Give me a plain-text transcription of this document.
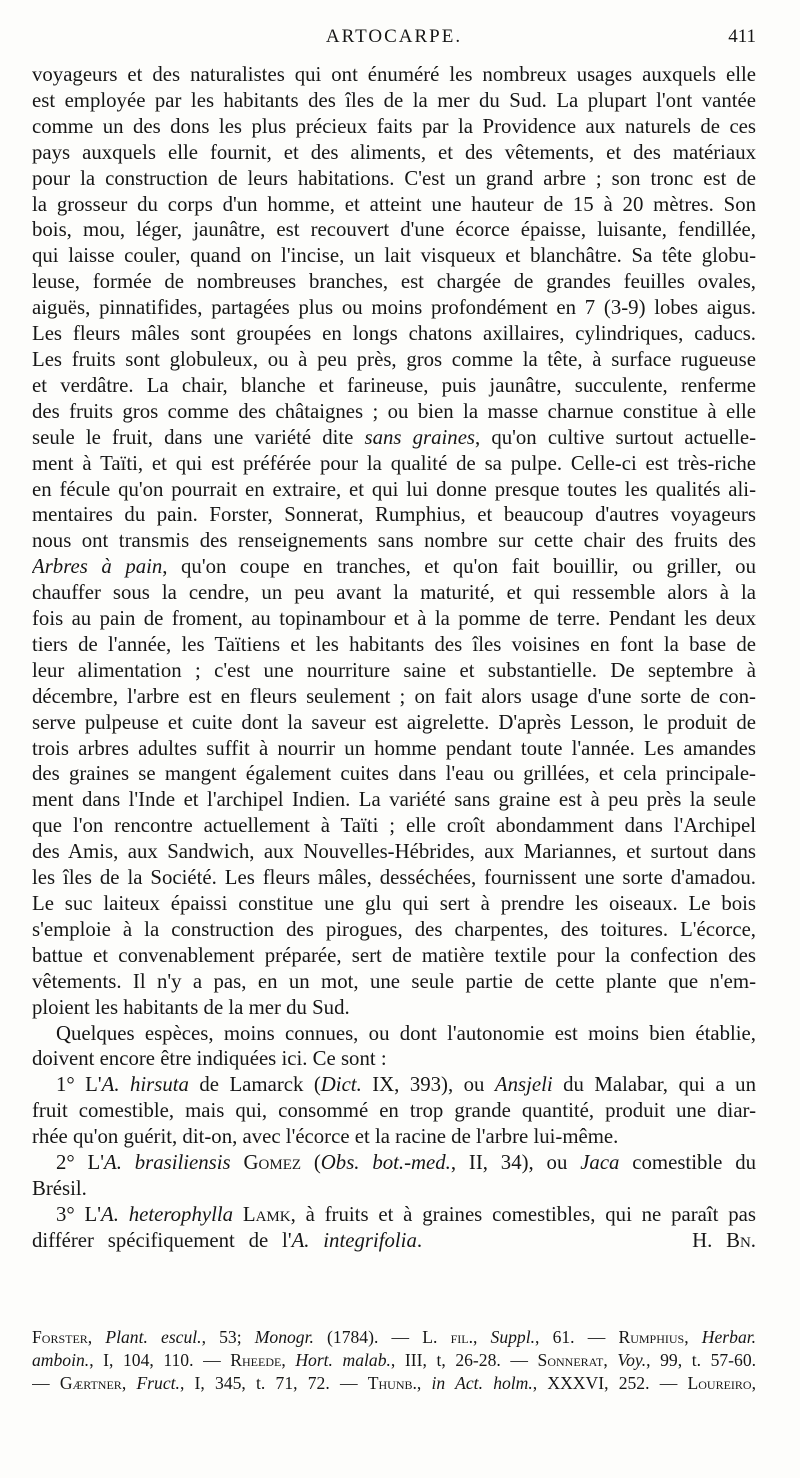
ARTOCARPE.	411

voyageurs et des naturalistes qui ont énuméré les nombreux usages auxquels elle
est employée par les habitants des îles de la mer du Sud. La plupart l'ont vantée
comme un des dons les plus précieux faits par la Providence aux naturels de ces
pays auxquels elle fournit, et des aliments, et des vêtements, et des matériaux
pour la construction de leurs habitations. C'est un grand arbre ; son tronc est de
la grosseur du corps d'un homme, et atteint une hauteur de 15 à 20 mètres. Son
bois, mou, léger, jaunâtre, est recouvert d'une écorce épaisse, luisante, fendillée,
qui laisse couler, quand on l'incise, un lait visqueux et blanchâtre. Sa tête globu-
leuse, formée de nombreuses branches, est chargée de grandes feuilles ovales,
aiguës, pinnatifides, partagées plus ou moins profondément en 7 (3-9) lobes aigus.
Les fleurs mâles sont groupées en longs chatons axillaires, cylindriques, caducs.
Les fruits sont globuleux, ou à peu près, gros comme la tête, à surface rugueuse
et verdâtre. La chair, blanche et farineuse, puis jaunâtre, succulente, renferme
des fruits gros comme des châtaignes ; ou bien la masse charnue constitue à elle
seule le fruit, dans une variété dite sans graines, qu'on cultive surtout actuelle-
ment à Taïti, et qui est préférée pour la qualité de sa pulpe. Celle-ci est très-riche
en fécule qu'on pourrait en extraire, et qui lui donne presque toutes les qualités ali-
mentaires du pain. Forster, Sonnerat, Rumphius, et beaucoup d'autres voyageurs
nous ont transmis des renseignements sans nombre sur cette chair des fruits des
Arbres à pain, qu'on coupe en tranches, et qu'on fait bouillir, ou griller, ou
chauffer sous la cendre, un peu avant la maturité, et qui ressemble alors à la
fois au pain de froment, au topinambour et à la pomme de terre. Pendant les deux
tiers de l'année, les Taïtiens et les habitants des îles voisines en font la base de
leur alimentation ; c'est une nourriture saine et substantielle. De septembre à
décembre, l'arbre est en fleurs seulement ; on fait alors usage d'une sorte de con-
serve pulpeuse et cuite dont la saveur est aigrelette. D'après Lesson, le produit de
trois arbres adultes suffit à nourrir un homme pendant toute l'année. Les amandes
des graines se mangent également cuites dans l'eau ou grillées, et cela principale-
ment dans l'Inde et l'archipel Indien. La variété sans graine est à peu près la seule
que l'on rencontre actuellement à Taïti ; elle croît abondamment dans l'Archipel
des Amis, aux Sandwich, aux Nouvelles-Hébrides, aux Mariannes, et surtout dans
les îles de la Société. Les fleurs mâles, desséchées, fournissent une sorte d'amadou.
Le suc laiteux épaissi constitue une glu qui sert à prendre les oiseaux. Le bois
s'emploie à la construction des pirogues, des charpentes, des toitures. L'écorce,
battue et convenablement préparée, sert de matière textile pour la confection des
vêtements. Il n'y a pas, en un mot, une seule partie de cette plante que n'em-
ploient les habitants de la mer du Sud.

Quelques espèces, moins connues, ou dont l'autonomie est moins bien établie,
doivent encore être indiquées ici. Ce sont :

1° L'A. hirsuta de Lamarck (Dict. IX, 393), ou Ansjeli du Malabar, qui a un
fruit comestible, mais qui, consommé en trop grande quantité, produit une diar-
rhée qu'on guérit, dit-on, avec l'écorce et la racine de l'arbre lui-même.

2° L'A. brasiliensis Gomez (Obs. bot.-med., II, 34), ou Jaca comestible du
Brésil.

3° L'A. heterophylla Lamk, à fruits et à graines comestibles, qui ne paraît pas
différer spécifiquement de l'A. integrifolia.	H. Bn.

Forster, Plant. escul., 53; Monogr. (1784). — L. fil., Suppl., 61. — Rumphius, Herbar.
amboin., I, 104, 110. — Rheede, Hort. malab., III, t, 26-28. — Sonnerat, Voy., 99, t. 57-60.
— Gærtner, Fruct., I, 345, t. 71, 72. — Thunb., in Act. holm., XXXVI, 252. — Loureiro,
